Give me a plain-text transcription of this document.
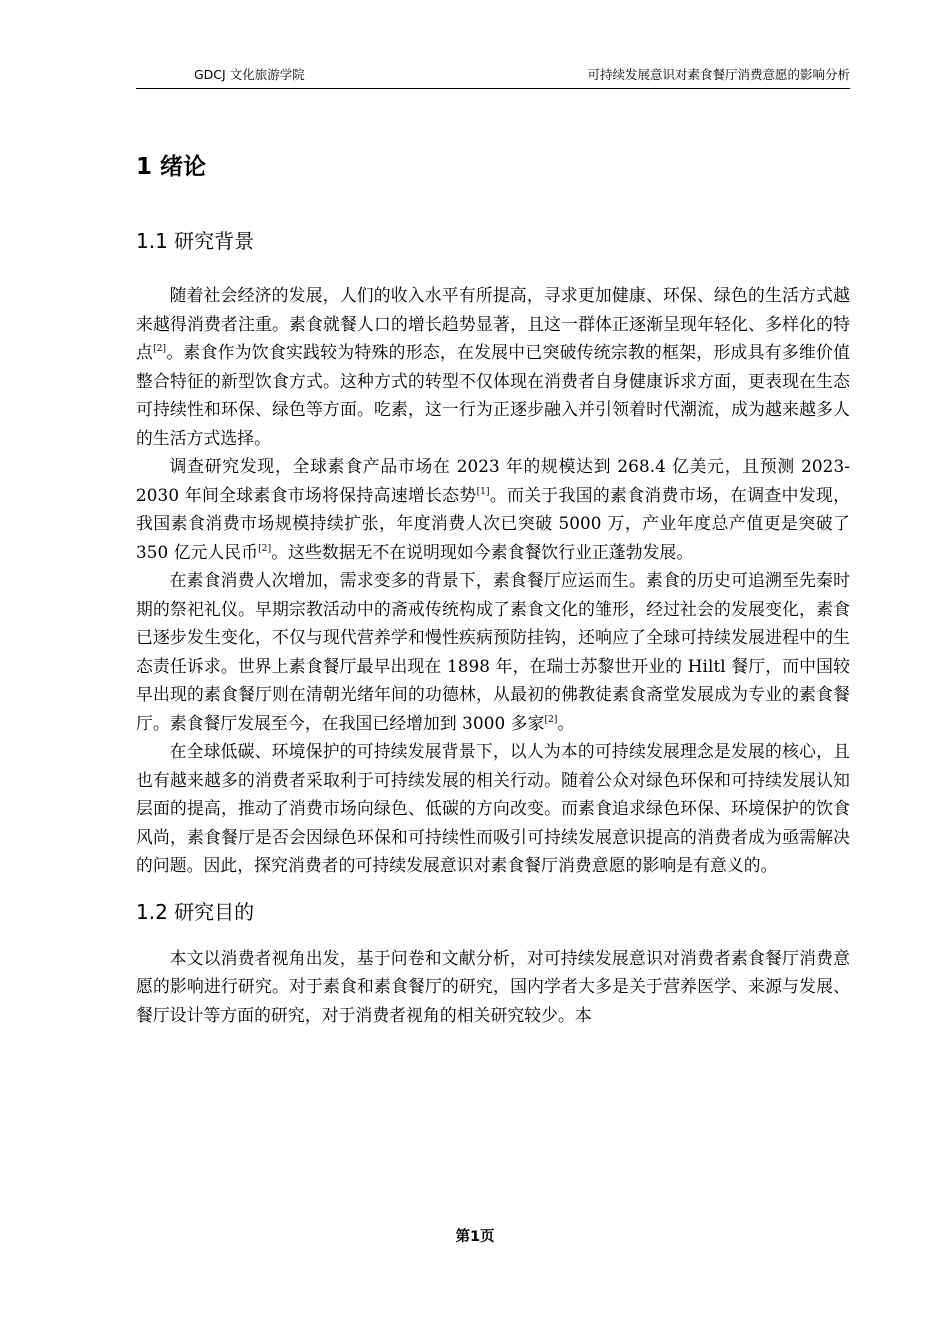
GDCJ 文化旅游学院	可持续发展意识对素食餐厅消费意愿的影响分析
1 绪论
1.1 研究背景

随着社会经济的发展，人们的收入水平有所提高，寻求更加健康、环保、绿色的生活方式越来越得消费者注重。素食就餐人口的增长趋势显著，且这一群体正逐渐呈现年轻化、多样化的特点[2]。素食作为饮食实践较为特殊的形态，在发展中已突破传统宗教的框架，形成具有多维价值整合特征的新型饮食方式。这种方式的转型不仅体现在消费者自身健康诉求方面，更表现在生态可持续性和环保、绿色等方面。吃素，这一行为正逐步融入并引领着时代潮流，成为越来越多人的生活方式选择。

调查研究发现，全球素食产品市场在 2023 年的规模达到 268.4 亿美元，且预测 2023-2030 年间全球素食市场将保持高速增长态势[1]。而关于我国的素食消费市场，在调查中发现，我国素食消费市场规模持续扩张，年度消费人次已突破 5000 万，产业年度总产值更是突破了 350 亿元人民币[2]。这些数据无不在说明现如今素食餐饮行业正蓬勃发展。

在素食消费人次增加，需求变多的背景下，素食餐厅应运而生。素食的历史可追溯至先秦时期的祭祀礼仪。早期宗教活动中的斋戒传统构成了素食文化的雏形，经过社会的发展变化，素食已逐步发生变化，不仅与现代营养学和慢性疾病预防挂钩，还响应了全球可持续发展进程中的生态责任诉求。世界上素食餐厅最早出现在 1898 年，在瑞士苏黎世开业的 Hiltl 餐厅，而中国较早出现的素食餐厅则在清朝光绪年间的功德林，从最初的佛教徒素食斋堂发展成为专业的素食餐厅。素食餐厅发展至今，在我国已经增加到 3000 多家[2]。

在全球低碳、环境保护的可持续发展背景下，以人为本的可持续发展理念是发展的核心，且也有越来越多的消费者采取利于可持续发展的相关行动。随着公众对绿色环保和可持续发展认知层面的提高，推动了消费市场向绿色、低碳的方向改变。而素食追求绿色环保、环境保护的饮食风尚，素食餐厅是否会因绿色环保和可持续性而吸引可持续发展意识提高的消费者成为亟需解决的问题。因此，探究消费者的可持续发展意识对素食餐厅消费意愿的影响是有意义的。

1.2 研究目的

本文以消费者视角出发，基于问卷和文献分析，对可持续发展意识对消费者素食餐厅消费意愿的影响进行研究。对于素食和素食餐厅的研究，国内学者大多是关于营养医学、来源与发展、餐厅设计等方面的研究，对于消费者视角的相关研究较少。本

第1页
